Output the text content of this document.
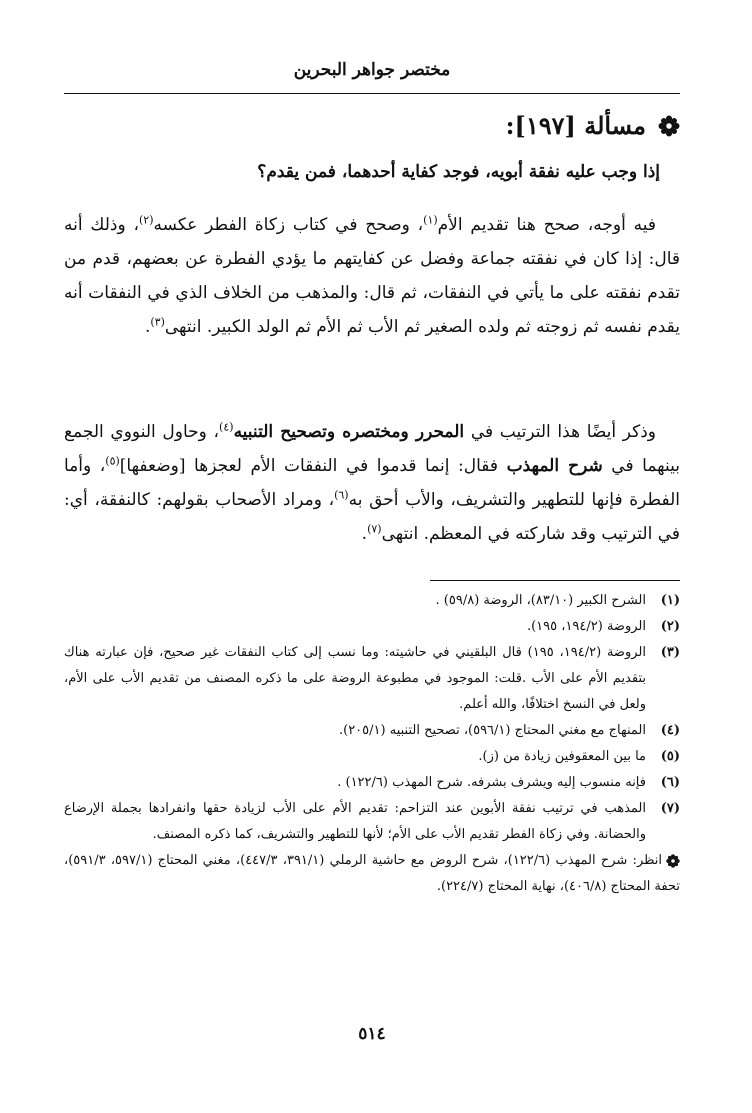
مختصر جواهر البحرين
مسألة [١٩٧]:
إذا وجب عليه نفقة أبويه، فوجد كفاية أحدهما، فمن يقدم؟
فيه أوجه، صحح هنا تقديم الأم$^{(١)}$، وصحح في كتاب زكاة الفطر عكسه$^{(٢)}$، وذلك أنه قال: إذا كان في نفقته جماعة وفضل عن كفايتهم ما يؤدي الفطرة عن بعضهم، قدم من تقدم نفقته على ما يأتي في النفقات، ثم قال: والمذهب من الخلاف الذي في النفقات أنه يقدم نفسه ثم زوجته ثم ولده الصغير ثم الأب ثم الأم ثم الولد الكبير. انتهى$^{(٣)}$.
وذكر أيضًا هذا الترتيب في المحرر ومختصره وتصحيح التنبيه$^{(٤)}$، وحاول النووي الجمع بينهما في شرح المهذب فقال: إنما قدموا في النفقات الأم لعجزها [وضعفها]$^{(٥)}$، وأما الفطرة فإنها للتطهير والتشريف، والأب أحق به$^{(٦)}$، ومراد الأصحاب بقولهم: كالنفقة، أي: في الترتيب وقد شاركته في المعظم. انتهى$^{(٧)}$.
(١)
الشرح الكبير (٨٣/١٠)، الروضة (٥٩/٨) .
(٢)
الروضة (١٩٤/٢، ١٩٥).
(٣)
الروضة (١٩٤/٢، ١٩٥) قال البلقيني في حاشيته: وما نسب إلى كتاب النفقات غير صحيح، فإن عبارته هناك بتقديم الأم على الأب .قلت: الموجود في مطبوعة الروضة على ما ذكره المصنف من تقديم الأب على الأم، ولعل في النسخ اختلافًا، والله أعلم.
(٤)
المنهاج مع مغني المحتاج (٥٩٦/١)، تصحيح التنبيه (٢٠٥/١).
(٥)
ما بين المعقوفين زيادة من (ز).
(٦)
فإنه منسوب إليه ويشرف بشرفه. شرح المهذب (١٢٢/٦) .
(٧)
المذهب في ترتيب نفقة الأبوين عند التزاحم: تقديم الأم على الأب لزيادة حقها وانفرادها بجملة الإرضاع والحضانة. وفي زكاة الفطر تقديم الأب على الأم؛ لأنها للتطهير والتشريف، كما ذكره المصنف.
انظر: شرح المهذب (١٢٢/٦)، شرح الروض مع حاشية الرملي (٣٩١/١، ٤٤٧/٣)، مغني المحتاج (٥٩٧/١، ٥٩١/٣)، تحفة المحتاج (٤٠٦/٨)، نهاية المحتاج (٢٢٤/٧).
٥١٤
